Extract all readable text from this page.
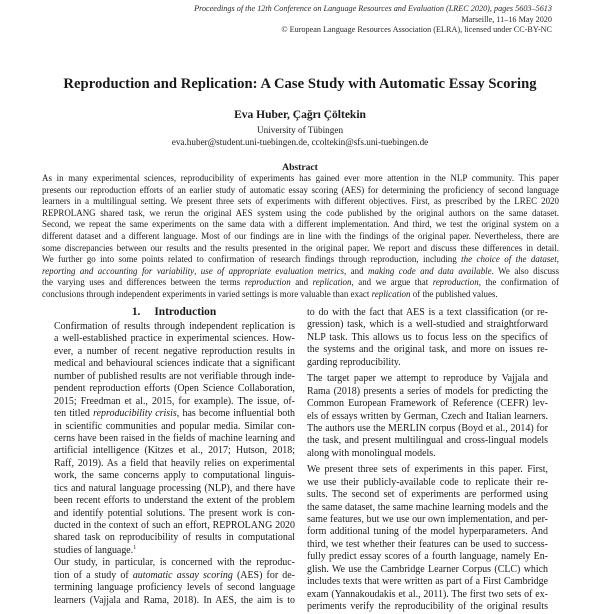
Proceedings of the 12th Conference on Language Resources and Evaluation (LREC 2020), pages 5603–5613
Marseille, 11–16 May 2020
© European Language Resources Association (ELRA), licensed under CC-BY-NC
Reproduction and Replication: A Case Study with Automatic Essay Scoring
Eva Huber, Çağrı Çöltekin
University of Tübingen
eva.huber@student.uni-tuebingen.de, ccoltekin@sfs.uni-tuebingen.de
Abstract
As in many experimental sciences, reproducibility of experiments has gained ever more attention in the NLP community. This paper
presents our reproduction efforts of an earlier study of automatic essay scoring (AES) for determining the proficiency of second language
learners in a multilingual setting. We present three sets of experiments with different objectives. First, as prescribed by the LREC 2020
REPROLANG shared task, we rerun the original AES system using the code published by the original authors on the same dataset.
Second, we repeat the same experiments on the same data with a different implementation. And third, we test the original system on a
different dataset and a different language. Most of our findings are in line with the findings of the original paper. Nevertheless, there are
some discrepancies between our results and the results presented in the original paper. We report and discuss these differences in detail.
We further go into some points related to confirmation of research findings through reproduction, including the choice of the dataset,
reporting and accounting for variability, use of appropriate evaluation metrics, and making code and data available. We also discuss
the varying uses and differences between the terms reproduction and replication, and we argue that reproduction, the confirmation of
conclusions through independent experiments in varied settings is more valuable than exact replication of the published values.
1. Introduction
Confirmation of results through independent replication is
a well-established practice in experimental sciences. How-
ever, a number of recent negative reproduction results in
medical and behavioural sciences indicate that a significant
number of published results are not verifiable through inde-
pendent reproduction efforts (Open Science Collaboration,
2015; Freedman et al., 2015, for example). The issue, of-
ten titled reproducibility crisis, has become influential both
in scientific communities and popular media. Similar con-
cerns have been raised in the fields of machine learning and
artificial intelligence (Kitzes et al., 2017; Hutson, 2018;
Raff, 2019). As a field that heavily relies on experimental
work, the same concerns apply to computational linguis-
tics and natural language processing (NLP), and there have
been recent efforts to understand the extent of the problem
and identify potential solutions. The present work is con-
ducted in the context of such an effort, REPROLANG 2020
shared task on reproducibility of results in computational
studies of language.$^1$
Our study, in particular, is concerned with the reproduc-
tion of a study of automatic assay scoring (AES) for de-
termining language proficiency levels of second language
learners (Vajjala and Rama, 2018). In AES, the aim is to
to do with the fact that AES is a text classification (or re-
gression) task, which is a well-studied and straightforward
NLP task. This allows us to focus less on the specifics of
the systems and the original task, and more on issues re-
garding reproducibility.
The target paper we attempt to reproduce by Vajjala and
Rama (2018) presents a series of models for predicting the
Common European Framework of Reference (CEFR) lev-
els of essays written by German, Czech and Italian learners.
The authors use the MERLIN corpus (Boyd et al., 2014) for
the task, and present multilingual and cross-lingual models
along with monolingual models.
We present three sets of experiments in this paper. First,
we use their publicly-available code to replicate their re-
sults. The second set of experiments are performed using
the same dataset, the same machine learning models and the
same features, but we use our own implementation, and per-
form additional tuning of the model hyperparameters. And
third, we test whether their features can be used to success-
fully predict essay scores of a fourth language, namely En-
glish. We use the Cambridge Learner Corpus (CLC) which
includes texts that were written as part of a First Cambridge
exam (Yannakoudakis et al., 2011). The first two sets of ex-
periments verify the reproducibility of the original results
